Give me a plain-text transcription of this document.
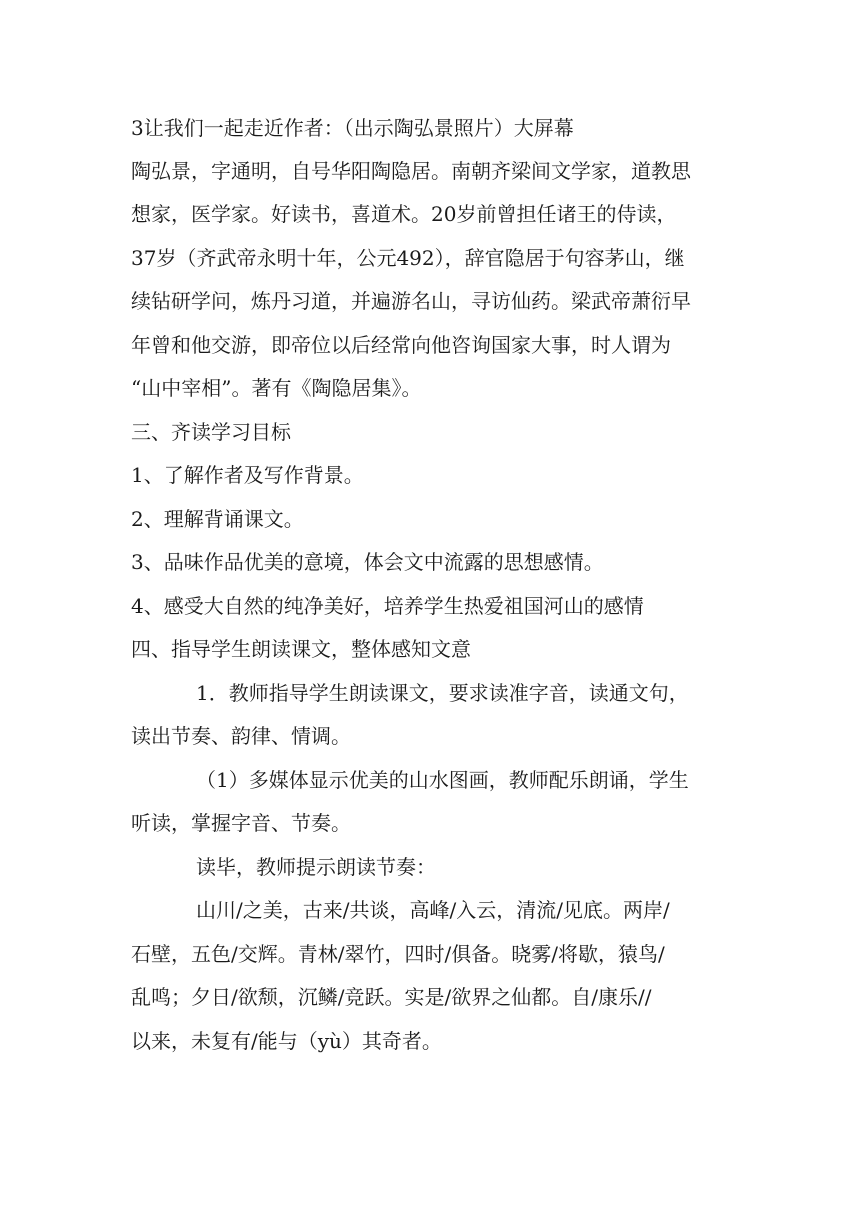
3让我们一起走近作者：（出示陶弘景照片）大屏幕
陶弘景，字通明，自号华阳陶隐居。南朝齐梁间文学家，道教思
想家，医学家。好读书，喜道术。20岁前曾担任诸王的侍读，
37岁（齐武帝永明十年，公元492），辞官隐居于句容茅山，继
续钻研学问，炼丹习道，并遍游名山，寻访仙药。梁武帝萧衍早
年曾和他交游，即帝位以后经常向他咨询国家大事，时人谓为
“山中宰相”。著有《陶隐居集》。
三、齐读学习目标
1、了解作者及写作背景。
2、理解背诵课文。
3、品味作品优美的意境，体会文中流露的思想感情。
4、感受大自然的纯净美好，培养学生热爱祖国河山的感情
四、指导学生朗读课文，整体感知文意
1．教师指导学生朗读课文，要求读准字音，读通文句，
读出节奏、韵律、情调。
（1）多媒体显示优美的山水图画，教师配乐朗诵，学生
听读，掌握字音、节奏。
读毕，教师提示朗读节奏：
山川/之美，古来/共谈，高峰/入云，清流/见底。两岸/
石壁，五色/交辉。青林/翠竹，四时/俱备。晓雾/将歇，猿鸟/
乱鸣；夕日/欲颓，沉鳞/竞跃。实是/欲界之仙都。自/康乐//
以来，未复有/能与（yù）其奇者。
